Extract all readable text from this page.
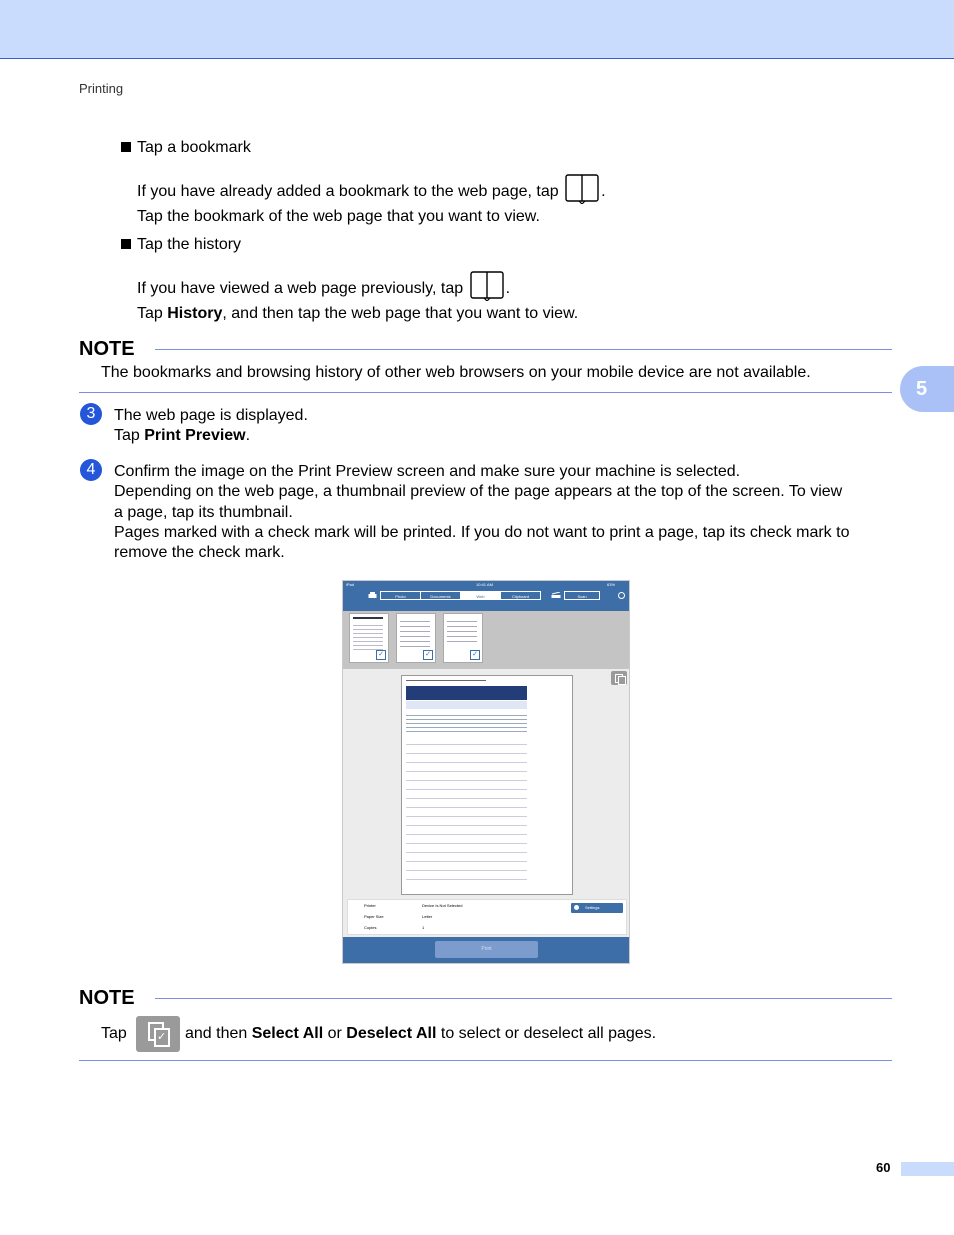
Printing
Tap a bookmark
If you have already added a bookmark to the web page, tap	.
Tap the bookmark of the web page that you want to view.
Tap the history
If you have viewed a web page previously, tap	.
Tap History, and then tap the web page that you want to view.
NOTE
The bookmarks and browsing history of other web browsers on your mobile device are not available.
5
3	The web page is displayed.
Tap Print Preview.
4	Confirm the image on the Print Preview screen and make sure your machine is selected.
Depending on the web page, a thumbnail preview of the page appears at the top of the screen. To view
a page, tap its thumbnail.
Pages marked with a check mark will be printed. If you do not want to print a page, tap its check mark to
remove the check mark.
iPad	10:41 AM	63%
Photo	Documents	Web	Clipboard	Scan
✓	✓	✓
Printer	Device Is Not Selected
Paper Size	Letter
Copies	1
Settings
Print
NOTE
Tap	✓ and then Select All or Deselect All to select or deselect all pages.
60
